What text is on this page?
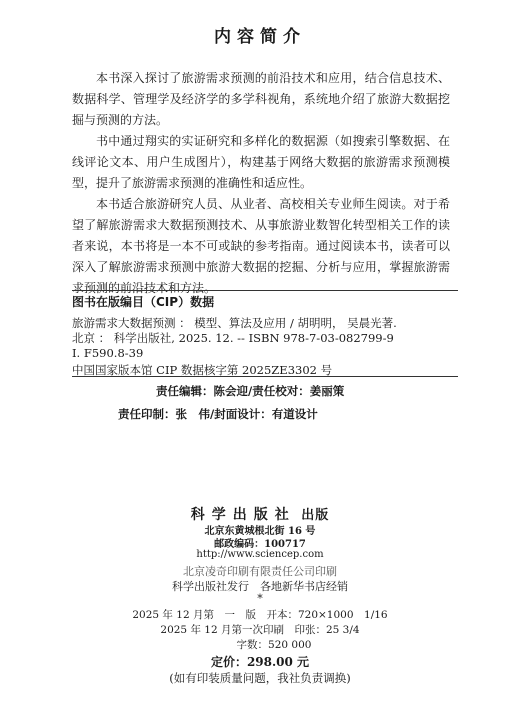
内容简介

本书深入探讨了旅游需求预测的前沿技术和应用，结合信息技术、数据科学、管理学及经济学的多学科视角，系统地介绍了旅游大数据挖掘与预测的方法。

书中通过翔实的实证研究和多样化的数据源（如搜索引擎数据、在线评论文本、用户生成图片），构建基于网络大数据的旅游需求预测模型，提升了旅游需求预测的准确性和适应性。

本书适合旅游研究人员、从业者、高校相关专业师生阅读。对于希望了解旅游需求大数据预测技术、从事旅游业数智化转型相关工作的读者来说，本书将是一本不可或缺的参考指南。通过阅读本书，读者可以深入了解旅游需求预测中旅游大数据的挖掘、分析与应用，掌握旅游需求预测的前沿技术和方法。

图书在版编目（CIP）数据
旅游需求大数据预测 ： 模型、算法及应用 / 胡明明， 吴晨光著.
北京 ： 科学出版社, 2025. 12. -- ISBN 978-7-03-082799-9
Ⅰ. F590.8-39
中国国家版本馆 CIP 数据核字第 2025ZE3302 号
责任编辑：陈会迎/责任校对：姜丽策
责任印制：张　伟/封面设计：有道设计
科学出版社 出版
北京东黄城根北街 16 号
邮政编码：100717
http://www.sciencep.com
北京凌奇印刷有限责任公司印刷
科学出版社发行　各地新华书店经销
*
2025 年 12 月第　一　版　开本：720×1000　1/16
2025 年 12 月第一次印刷　印张：25 3/4
字数：520 000
定价：298.00 元
(如有印装质量问题，我社负责调换)
